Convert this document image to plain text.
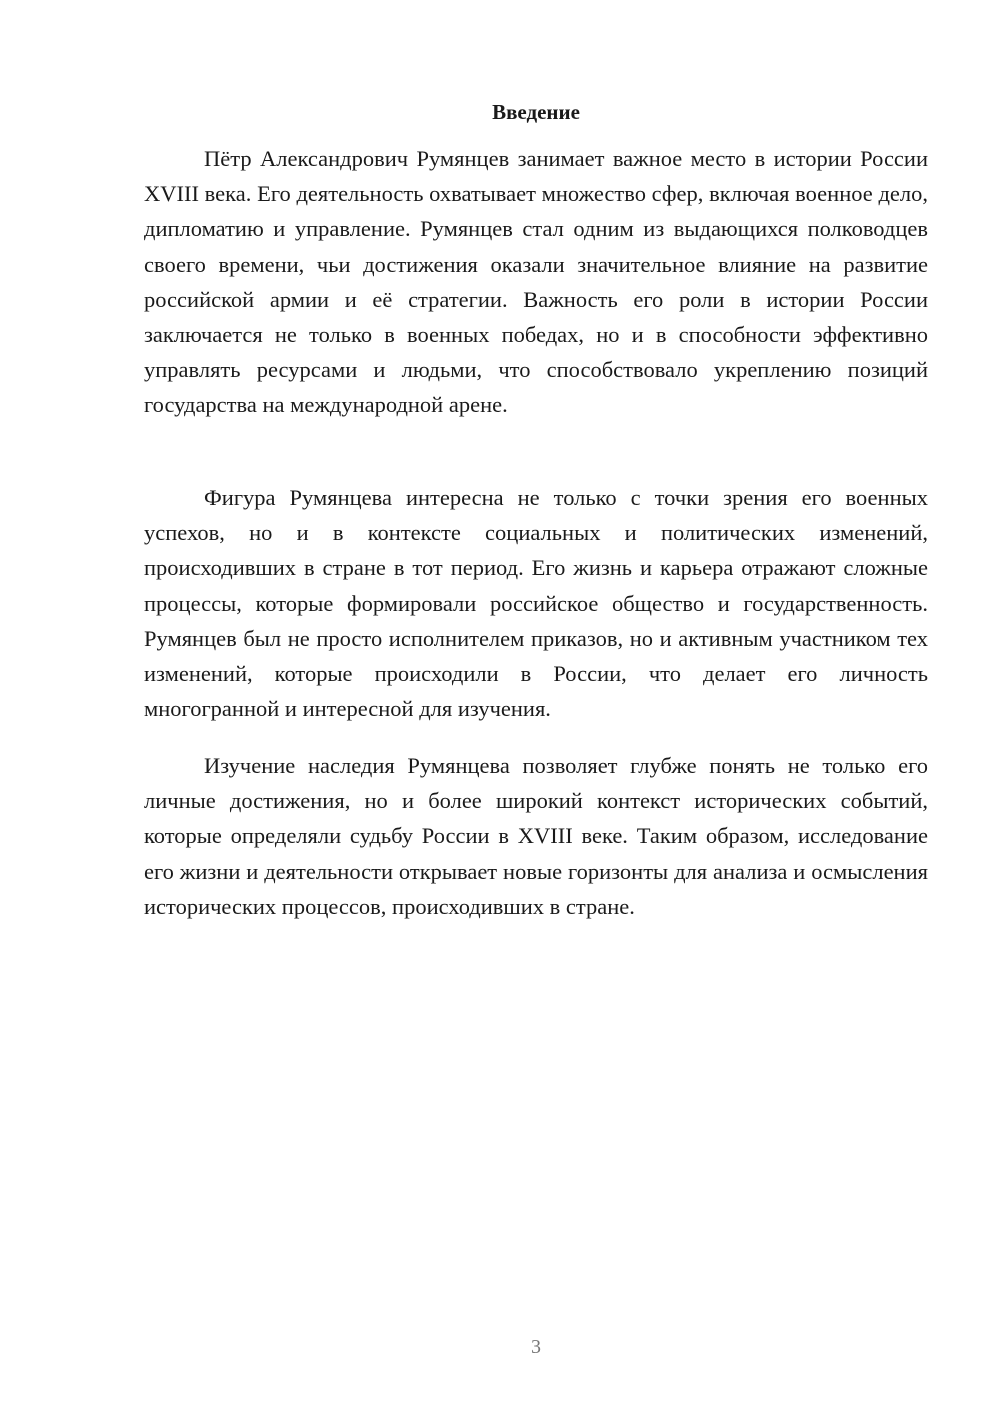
Введение

Пётр Александрович Румянцев занимает важное место в истории России XVIII века. Его деятельность охватывает множество сфер, включая военное дело, дипломатию и управление. Румянцев стал одним из выдающихся полководцев своего времени, чьи достижения оказали значительное влияние на развитие российской армии и её стратегии. Важность его роли в истории России заключается не только в военных победах, но и в способности эффективно управлять ресурсами и людьми, что способствовало укреплению позиций государства на международной арене.

Фигура Румянцева интересна не только с точки зрения его военных успехов, но и в контексте социальных и политических изменений, происходивших в стране в тот период. Его жизнь и карьера отражают сложные процессы, которые формировали российское общество и государственность. Румянцев был не просто исполнителем приказов, но и активным участником тех изменений, которые происходили в России, что делает его личность многогранной и интересной для изучения.

Изучение наследия Румянцева позволяет глубже понять не только его личные достижения, но и более широкий контекст исторических событий, которые определяли судьбу России в XVIII веке. Таким образом, исследование его жизни и деятельности открывает новые горизонты для анализа и осмысления исторических процессов, происходивших в стране.

3
